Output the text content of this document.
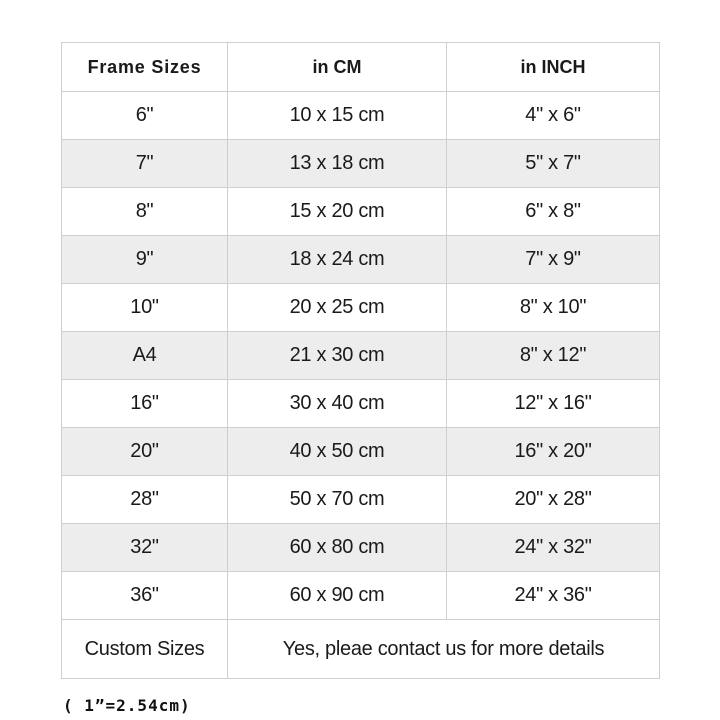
Frame Sizes	in CM	in INCH
6"	10 x 15 cm	4" x 6"
7"	13 x 18 cm	5" x 7"
8"	15 x 20 cm	6" x 8"
9"	18 x 24 cm	7" x 9"
10"	20 x 25 cm	8" x 10"
A4	21 x 30 cm	8" x 12"
16"	30 x 40 cm	12" x 16"
20"	40 x 50 cm	16" x 20"
28"	50 x 70 cm	20" x 28"
32"	60 x 80 cm	24" x 32"
36"	60 x 90 cm	24" x 36"
Custom Sizes	Yes, pleae contact us for more details	
( 1”=2.54cm)
